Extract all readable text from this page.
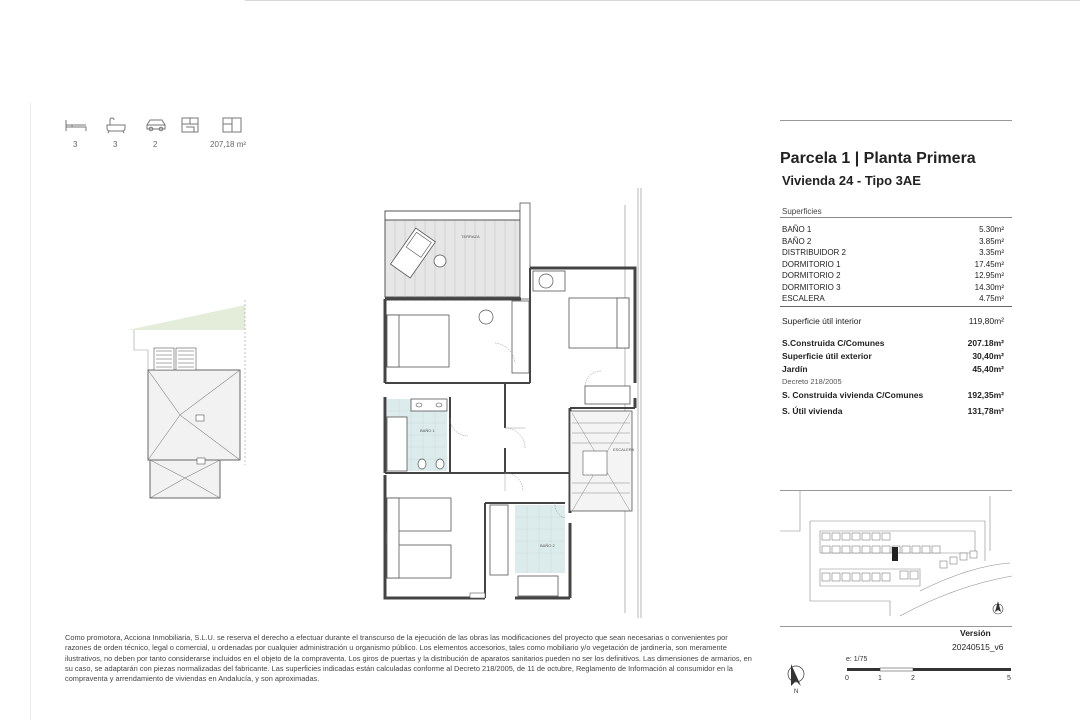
3	3	2	207,18 m²
TERRAZA
BAÑO 1
BAÑO 2
ESCALERA
Parcela 1 | Planta Primera
Vivienda 24 - Tipo 3AE
Superficies
BAÑO 1	5.30m²
BAÑO 2	3.85m²
DISTRIBUIDOR 2	3.35m²
DORMITORIO 1	17.45m²
DORMITORIO 2	12.95m²
DORMITORIO 3	14.30m²
ESCALERA	4.75m²
Superficie útil interior	119,80m²
S.Construida C/Comunes	207.18m²
Superficie útil exterior	30,40m²
Jardín	45,40m²
Decreto 218/2005
S. Construida vivienda C/Comunes	192,35m²
S. Útil vivienda	131,78m²
Versión
20240515_v6
N
e: 1/75
0	1	2	5
Como promotora, Acciona Inmobiliaria, S.L.U. se reserva el derecho a efectuar durante el transcurso de la ejecución de las obras las modificaciones del proyecto que sean necesarias o convenientes por razones de orden técnico, legal o comercial, u ordenadas por cualquier administración u organismo público. Los elementos accesorios, tales como mobiliario y/o vegetación de jardinería, son meramente ilustrativos, no deben por tanto considerarse incluidos en el objeto de la compraventa. Los giros de puertas y la distribución de aparatos sanitarios pueden no ser los definitivos. Las dimensiones de armarios, en su caso, se adaptarán con piezas normalizadas del fabricante. Las superficies indicadas están calculadas conforme al Decreto 218/2005, de 11 de octubre, Reglamento de Información al consumidor en la compraventa y arrendamiento de viviendas en Andalucía, y son aproximadas.
